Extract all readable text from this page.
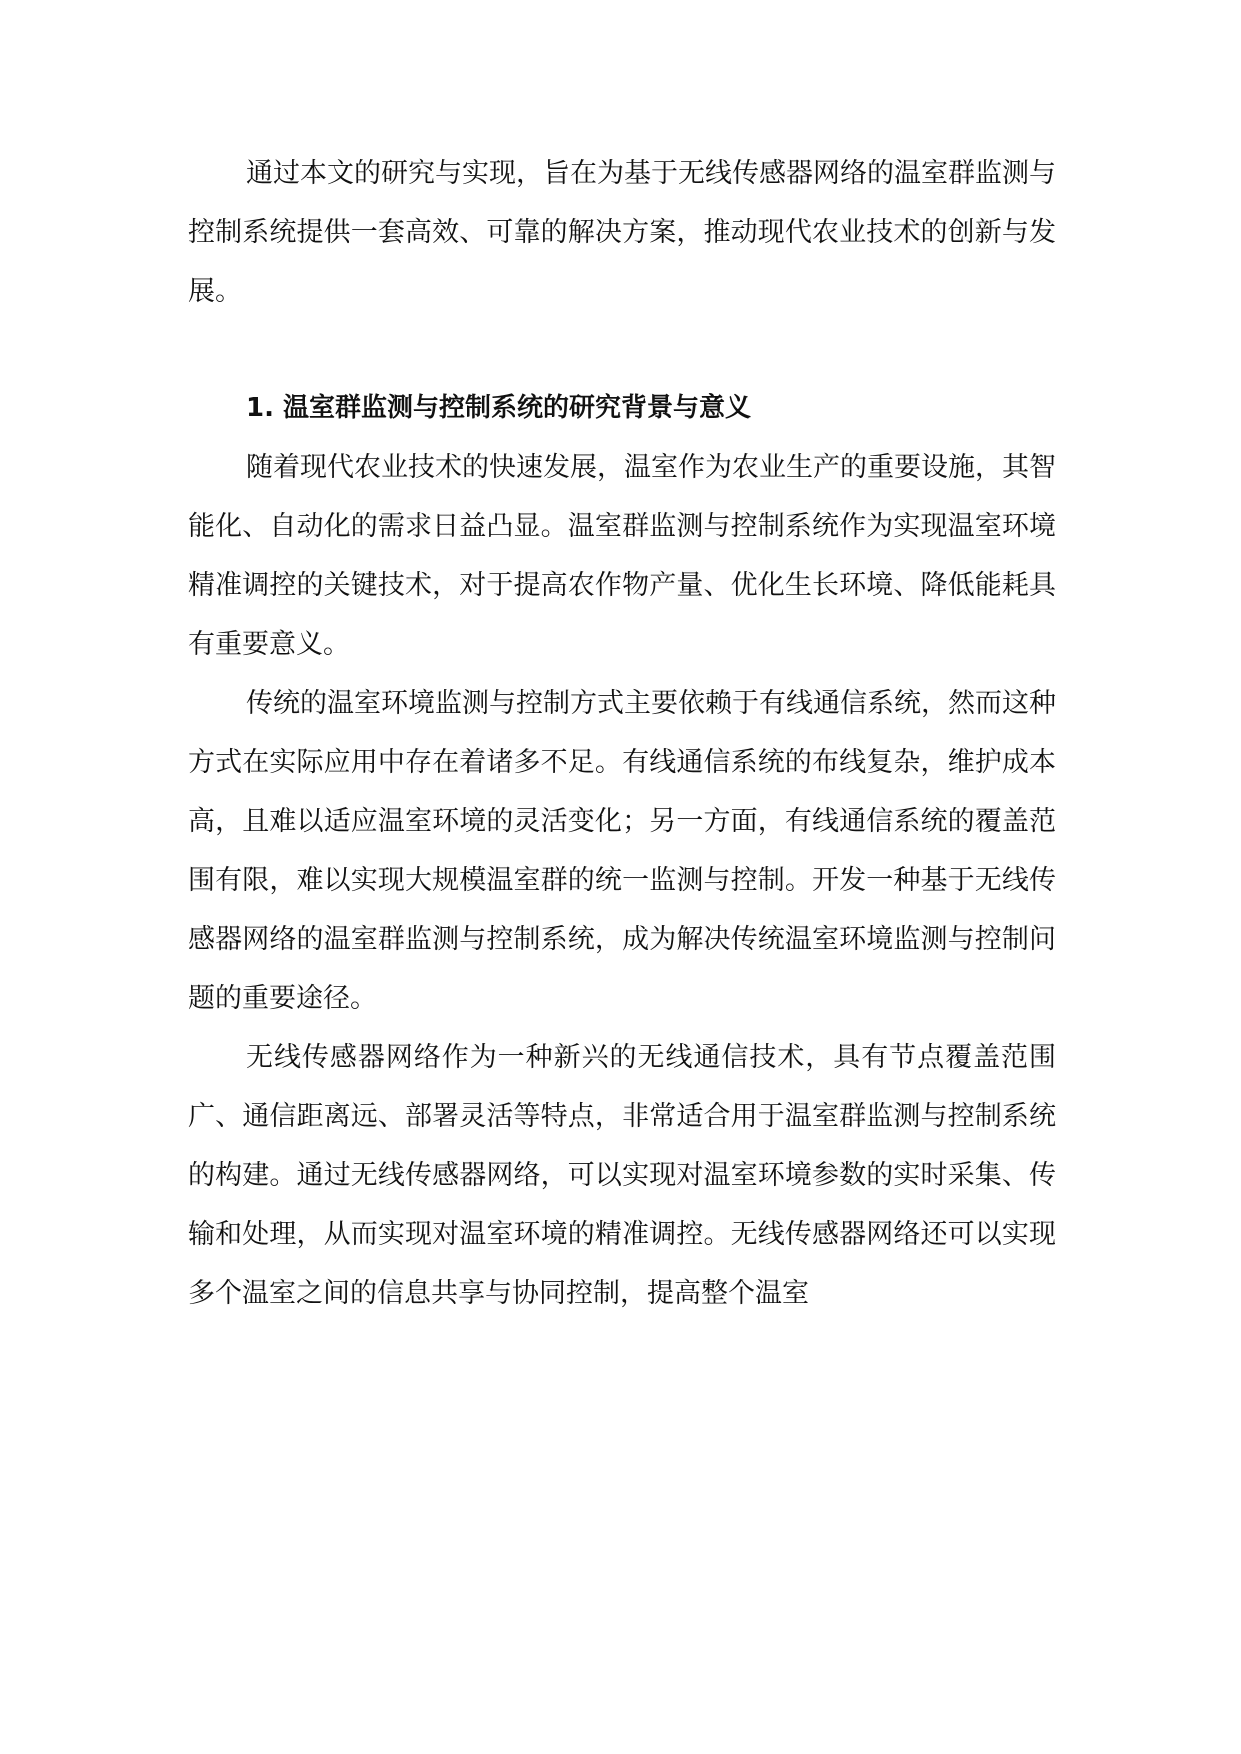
通过本文的研究与实现，旨在为基于无线传感器网络的温室群监测与控制系统提供一套高效、可靠的解决方案，推动现代农业技术的创新与发展。

1. 温室群监测与控制系统的研究背景与意义

随着现代农业技术的快速发展，温室作为农业生产的重要设施，其智能化、自动化的需求日益凸显。温室群监测与控制系统作为实现温室环境精准调控的关键技术，对于提高农作物产量、优化生长环境、降低能耗具有重要意义。

传统的温室环境监测与控制方式主要依赖于有线通信系统，然而这种方式在实际应用中存在着诸多不足。有线通信系统的布线复杂，维护成本高，且难以适应温室环境的灵活变化；另一方面，有线通信系统的覆盖范围有限，难以实现大规模温室群的统一监测与控制。开发一种基于无线传感器网络的温室群监测与控制系统，成为解决传统温室环境监测与控制问题的重要途径。

无线传感器网络作为一种新兴的无线通信技术，具有节点覆盖范围广、通信距离远、部署灵活等特点，非常适合用于温室群监测与控制系统的构建。通过无线传感器网络，可以实现对温室环境参数的实时采集、传输和处理，从而实现对温室环境的精准调控。无线传感器网络还可以实现多个温室之间的信息共享与协同控制，提高整个温室
